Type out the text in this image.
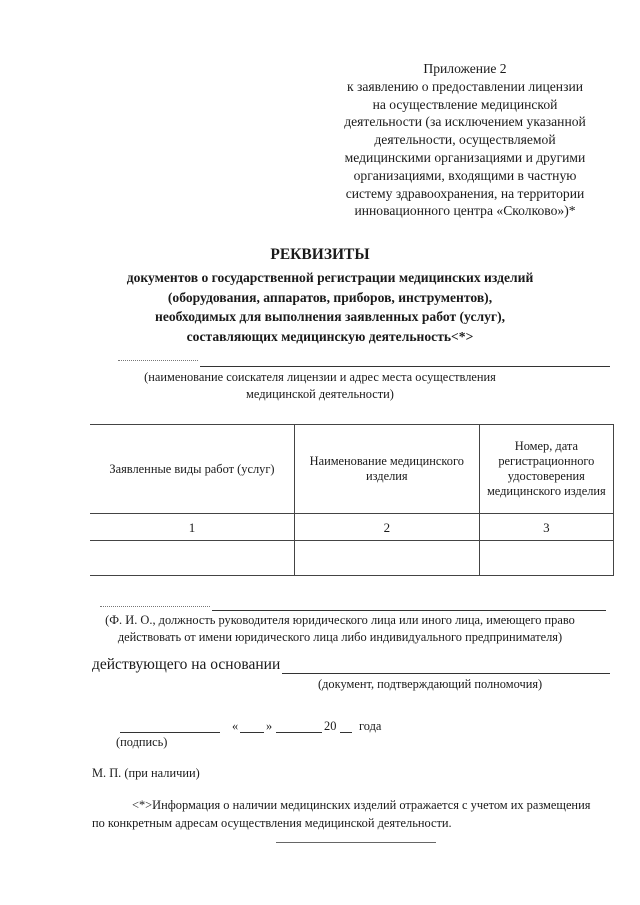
Приложение 2
к заявлению о предоставлении лицензии
на осуществление медицинской
деятельности (за исключением указанной
деятельности, осуществляемой
медицинскими организациями и другими
организациями, входящими в частную
систему здравоохранения, на территории
инновационного центра «Сколково»)*
РЕКВИЗИТЫ
документов о государственной регистрации медицинских изделий
(оборудования, аппаратов, приборов, инструментов),
необходимых для выполнения заявленных работ (услуг),
составляющих медицинскую деятельность<*>
(наименование соискателя лицензии и адрес места осуществления
медицинской деятельности)
Заявленные виды работ (услуг)	Наименование медицинского изделия	Номер, дата регистрационного удостоверения медицинского изделия
1	2	3

(Ф. И. О., должность руководителя юридического лица или иного лица, имеющего право
действовать от имени юридического лица либо индивидуального предпринимателя)
действующего на основании
(документ, подтверждающий полномочия)
« »	20 года
(подпись)
М. П. (при наличии)
<*>Информация о наличии медицинских изделий отражается с учетом их размещения
по конкретным адресам осуществления медицинской деятельности.
